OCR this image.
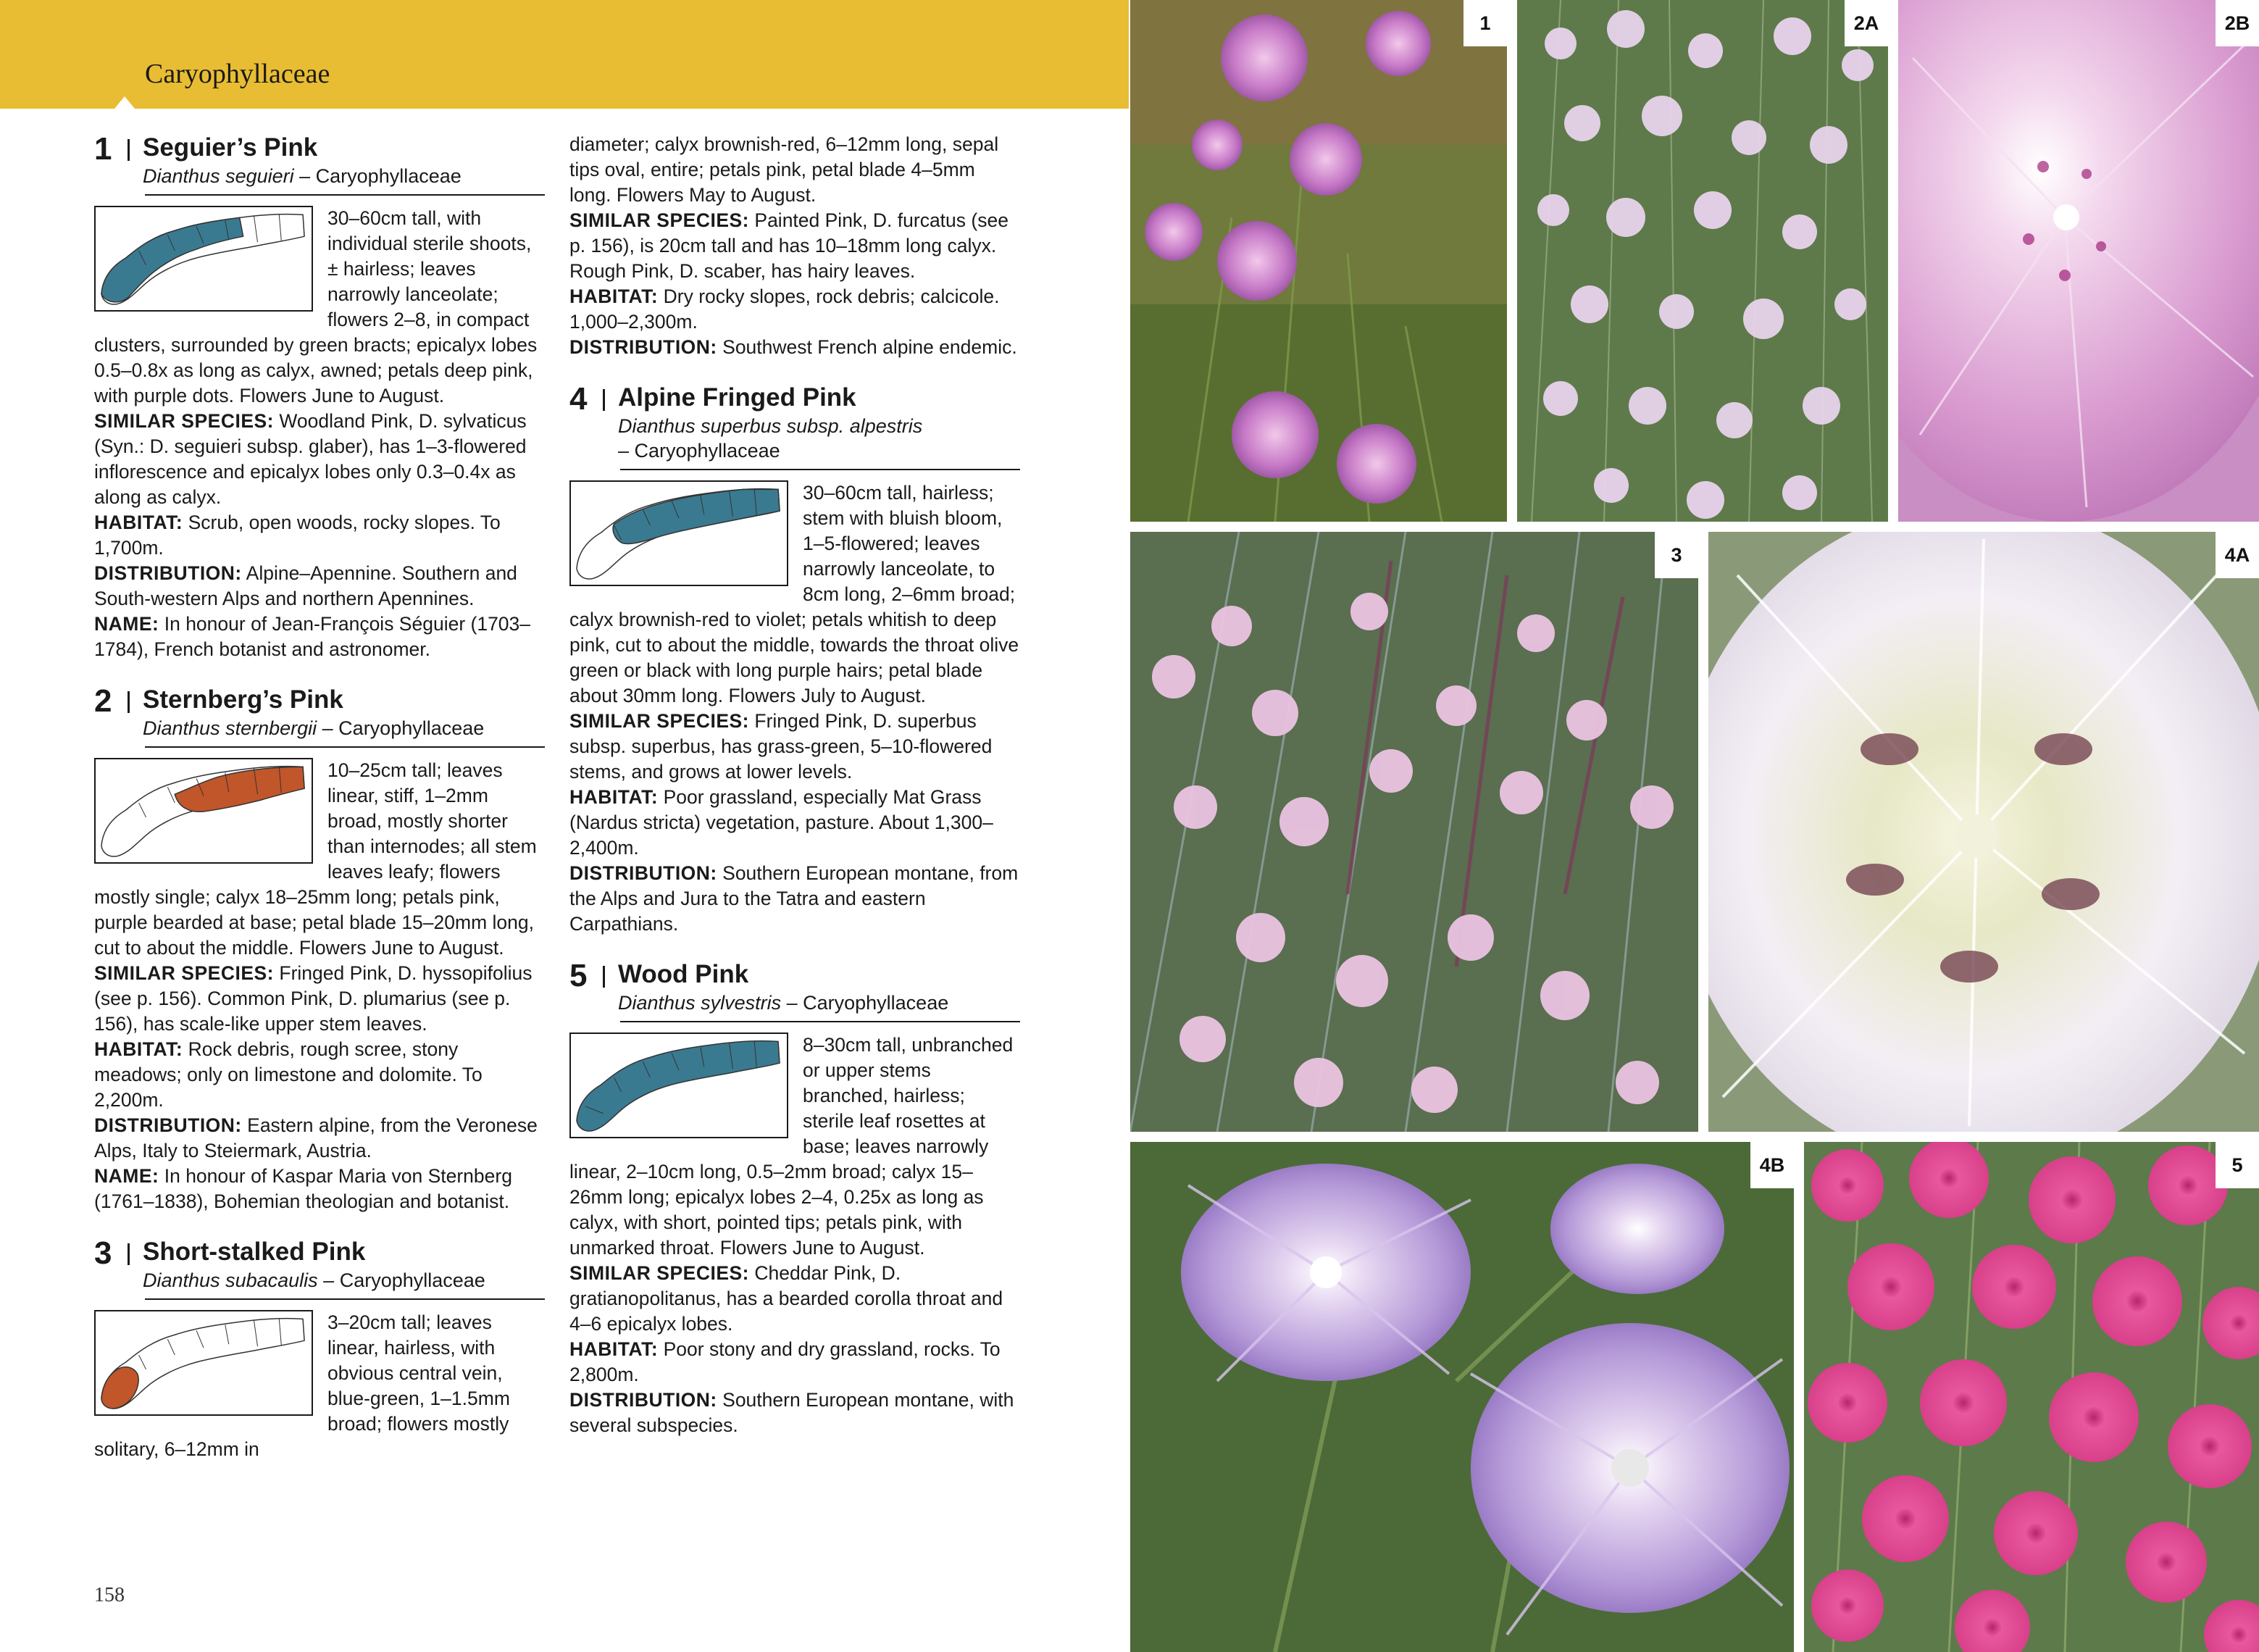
Caryophyllaceae
1	Seguier’s Pink
Dianthus seguieri – Caryophyllaceae
30–60cm tall, with individual sterile shoots, ± hairless; leaves narrowly lanceolate; flowers 2–8, in compact clusters, surrounded by green bracts; epicalyx lobes 0.5–0.8x as long as calyx, awned; petals deep pink, with purple dots. Flowers June to August.
SIMILAR SPECIES: Woodland Pink, D. sylvaticus (Syn.: D. seguieri subsp. glaber), has 1–3-flowered inflorescence and epicalyx lobes only 0.3–0.4x as along as calyx.
HABITAT: Scrub, open woods, rocky slopes. To 1,700m.
DISTRIBUTION: Alpine–Apennine. Southern and South-western Alps and northern Apennines.
NAME: In honour of Jean-François Séguier (1703–1784), French botanist and astronomer.
2	Sternberg’s Pink
Dianthus sternbergii – Caryophyllaceae
10–25cm tall; leaves linear, stiff, 1–2mm broad, mostly shorter than internodes; all stem leaves leafy; flowers mostly single; calyx 18–25mm long; petals pink, purple bearded at base; petal blade 15–20mm long, cut to about the middle. Flowers June to August.
SIMILAR SPECIES: Fringed Pink, D. hyssopifolius (see p. 156). Common Pink, D. plumarius (see p. 156), has scale-like upper stem leaves.
HABITAT: Rock debris, rough scree, stony meadows; only on limestone and dolomite. To 2,200m.
DISTRIBUTION: Eastern alpine, from the Veronese Alps, Italy to Steiermark, Austria.
NAME: In honour of Kaspar Maria von Sternberg (1761–1838), Bohemian theologian and botanist.
3	Short-stalked Pink
Dianthus subacaulis – Caryophyllaceae
3–20cm tall; leaves linear, hairless, with obvious central vein, blue-green, 1–1.5mm broad; flowers mostly solitary, 6–12mm in
diameter; calyx brownish-red, 6–12mm long, sepal tips oval, entire; petals pink, petal blade 4–5mm long. Flowers May to August.
SIMILAR SPECIES: Painted Pink, D. furcatus (see p. 156), is 20cm tall and has 10–18mm long calyx. Rough Pink, D. scaber, has hairy leaves.
HABITAT: Dry rocky slopes, rock debris; calcicole. 1,000–2,300m.
DISTRIBUTION: Southwest French alpine endemic.
4	Alpine Fringed Pink
Dianthus superbus subsp. alpestris
– Caryophyllaceae
30–60cm tall, hairless; stem with bluish bloom, 1–5-flowered; leaves narrowly lanceolate, to 8cm long, 2–6mm broad; calyx brownish-red to violet; petals whitish to deep pink, cut to about the middle, towards the throat olive green or black with long purple hairs; petal blade about 30mm long. Flowers July to August.
SIMILAR SPECIES: Fringed Pink, D. superbus subsp. superbus, has grass-green, 5–10-flowered stems, and grows at lower levels.
HABITAT: Poor grassland, especially Mat Grass (Nardus stricta) vegetation, pasture. About 1,300–2,400m.
DISTRIBUTION: Southern European montane, from the Alps and Jura to the Tatra and eastern Carpathians.
5	Wood Pink
Dianthus sylvestris – Caryophyllaceae
8–30cm tall, unbranched or upper stems branched, hairless; sterile leaf rosettes at base; leaves narrowly linear, 2–10cm long, 0.5–2mm broad; calyx 15–26mm long; epicalyx lobes 2–4, 0.25x as long as calyx, with short, pointed tips; petals pink, with unmarked throat. Flowers June to August.
SIMILAR SPECIES: Cheddar Pink, D. gratianopolitanus, has a bearded corolla throat and 4–6 epicalyx lobes.
HABITAT: Poor stony and dry grassland, rocks. To 2,800m.
DISTRIBUTION: Southern European montane, with several subspecies.
158
1	2A	2B
3	4A
4B	5
